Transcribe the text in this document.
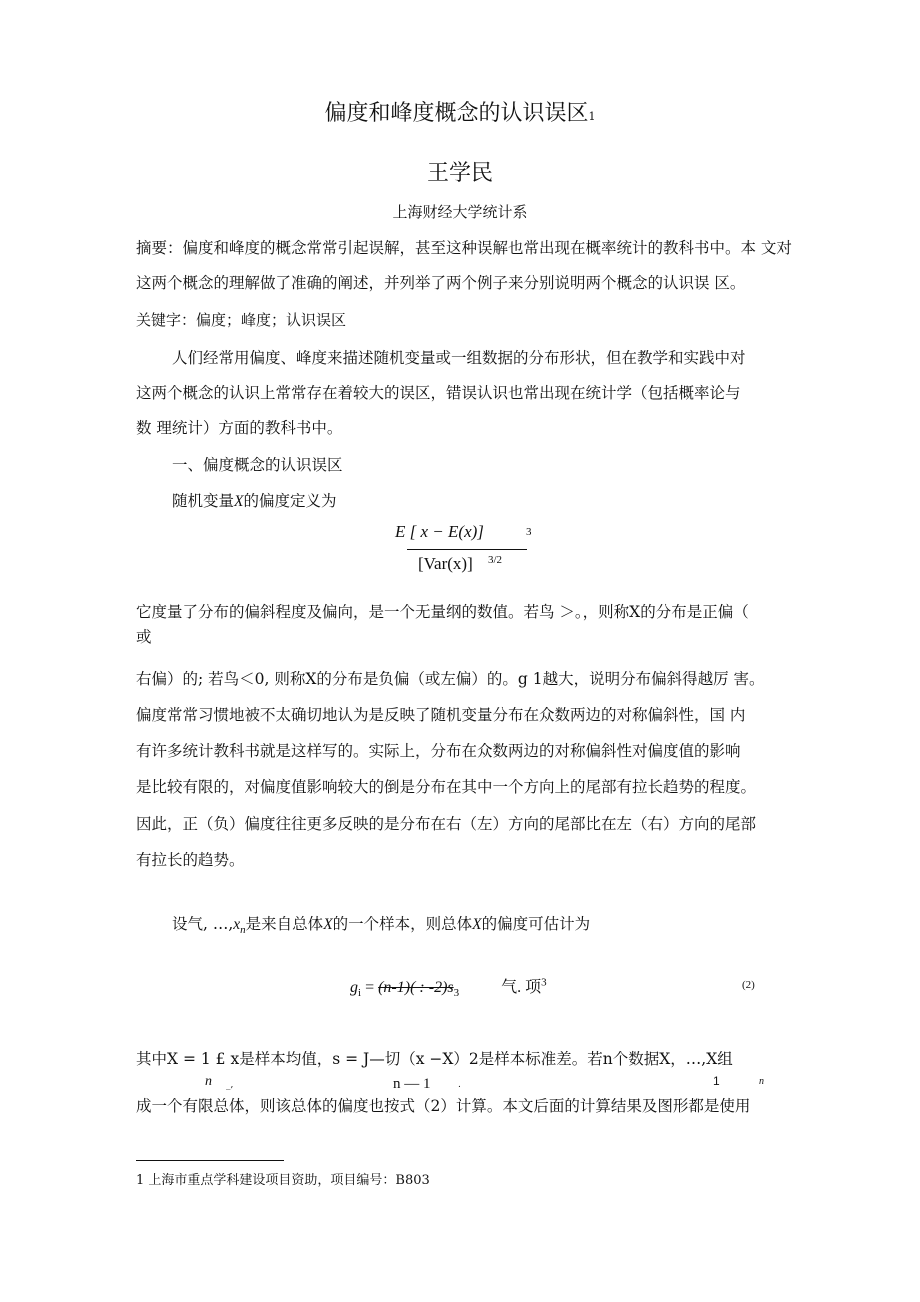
偏度和峰度概念的认识误区1
王学民
上海财经大学统计系
摘要：偏度和峰度的概念常常引起误解，甚至这种误解也常出现在概率统计的教科书中。本 文对
这两个概念的理解做了准确的阐述，并列举了两个例子来分别说明两个概念的认识误 区。
关键字：偏度；峰度；认识误区
人们经常用偏度、峰度来描述随机变量或一组数据的分布形状，但在教学和实践中对
这两个概念的认识上常常存在着较大的误区，错误认识也常出现在统计学（包括概率论与
数 理统计）方面的教科书中。
一、偏度概念的认识误区
随机变量X的偏度定义为
E [ x − E(x)]	3
[Var(x)] 3/2
它度量了分布的偏斜程度及偏向，是一个无量纲的数值。若鸟 ＞。，则称X的分布是正偏（
或
右偏）的; 若鸟＜0, 则称X的分布是负偏（或左偏）的。g 1越大，说明分布偏斜得越厉 害。
偏度常常习惯地被不太确切地认为是反映了随机变量分布在众数两边的对称偏斜性，国 内
有许多统计教科书就是这样写的。实际上，分布在众数两边的对称偏斜性对偏度值的影响
是比较有限的，对偏度值影响较大的倒是分布在其中一个方向上的尾部有拉长趋势的程度。
因此，正（负）偏度往往更多反映的是分布在右（左）方向的尾部比在左（右）方向的尾部
有拉长的趋势。
设气, $\dots,x_n$是来自总体X的一个样本，则总体X的偏度可估计为
$g_i = (n-1)$( : $-2)s_3$	气. 项$^3$	(2)
其中X = 1 £ x是样本均值，s = J—切（x −X）2是样本标准差。若n个数据X，…,X组
n _,	n — 1	.	1	n
成一个有限总体，则该总体的偏度也按式（2）计算。本文后面的计算结果及图形都是使用
1 上海市重点学科建设项目资助，项目编号：B803
